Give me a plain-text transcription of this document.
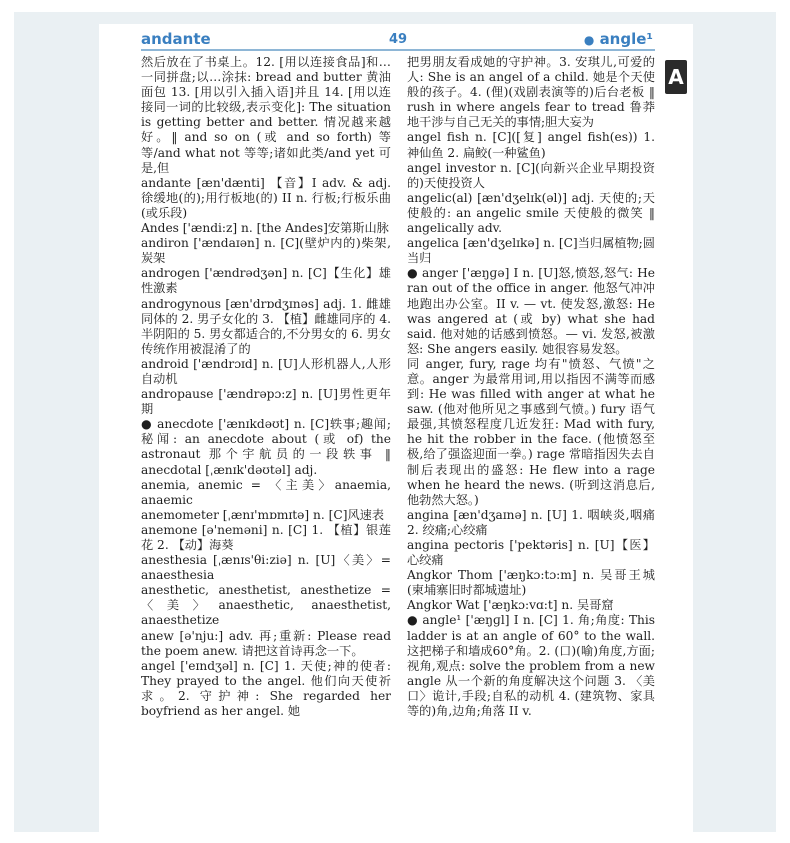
andante	49	● angle¹
A

然后放在了书桌上。12. [用以连接食品]和…一同拼盘;以…涂抹: bread and butter 黄油面包 13. [用以引入插入语]并且 14. [用以连接同一词的比较级,表示变化]: The situation is getting better and better. 情况越来越好。‖ and so on (或 and so forth) 等等/and what not 等等;诸如此类/and yet 可是,但

andante [æn'dænti] 【音】I adv. & adj. 徐缓地(的);用行板地(的) II n. 行板;行板乐曲(或乐段)

Andes ['ændi:z] n. [the Andes]安第斯山脉

andiron ['ændaɪən] n. [C](壁炉内的)柴架,炭架

androgen ['ændrədʒən] n. [C]【生化】雄性激素

androgynous [æn'drɒdʒɪnəs] adj. 1. 雌雄同体的 2. 男子女化的 3. 【植】雌雄同序的 4. 半阴阳的 5. 男女都适合的,不分男女的 6. 男女传统作用被混淆了的

android ['ændrɔɪd] n. [U]人形机器人,人形自动机

andropause ['ændrəpɔ:z] n. [U]男性更年期

● anecdote ['ænɪkdəʊt] n. [C]轶事;趣闻;秘闻: an anecdote about (或 of) the astronaut 那个宇航员的一段轶事 ‖ anecdotal [ˌænɪk'dəʊtəl] adj.

anemia, anemic = 〈主美〉anaemia, anaemic

anemometer [ˌænɪ'mɒmɪtə] n. [C]风速表

anemone [ə'neməni] n. [C] 1. 【植】银莲花 2. 【动】海葵

anesthesia [ˌænɪs'θi:ziə] n. [U]〈美〉= anaesthesia

anesthetic, anesthetist, anesthetize = 〈美〉anaesthetic, anaesthetist, anaesthetize

anew [ə'nju:] adv. 再;重新: Please read the poem anew. 请把这首诗再念一下。

angel ['eɪndʒəl] n. [C] 1. 天使;神的使者: They prayed to the angel. 他们向天使祈求。2. 守护神: She regarded her boyfriend as her angel. 她

把男朋友看成她的守护神。3. 安琪儿,可爱的人: She is an angel of a child. 她是个天使般的孩子。4. (俚)(戏剧表演等的)后台老板 ‖ rush in where angels fear to tread 鲁莽地干涉与自己无关的事情;胆大妄为

angel fish n. [C]([复] angel fish(es)) 1. 神仙鱼 2. 扁鲛(一种鲨鱼)

angel investor n. [C](向新兴企业早期投资的)天使投资人

angelic(al) [æn'dʒelɪk(əl)] adj. 天使的;天使般的: an angelic smile 天使般的微笑 ‖ angelically adv.

angelica [æn'dʒelɪkə] n. [C]当归属植物;圆当归

● anger ['æŋɡə] I n. [U]怒,愤怒,怒气: He ran out of the office in anger. 他怒气冲冲地跑出办公室。II v. — vt. 使发怒,激怒: He was angered at (或 by) what she had said. 他对她的话感到愤怒。— vi. 发怒,被激怒: She angers easily. 她很容易发怒。

同 anger, fury, rage 均有"愤怒、气愤"之意。anger 为最常用词,用以指因不满等而感到: He was filled with anger at what he saw. (他对他所见之事感到气愤。) fury 语气最强,其愤怒程度几近发狂: Mad with fury, he hit the robber in the face. (他愤怒至极,给了强盗迎面一拳。) rage 常暗指因失去自制后表现出的盛怒: He flew into a rage when he heard the news. (听到这消息后,他勃然大怒。)

angina [æn'dʒaɪnə] n. [U] 1. 咽峡炎,咽痛 2. 绞痛;心绞痛

angina pectoris ['pektəris] n. [U]【医】心绞痛

Angkor Thom ['æŋkɔ:tɔ:m] n. 吴哥王城(柬埔寨旧时都城遗址)

Angkor Wat ['æŋkɔ:vɑ:t] n. 吴哥窟

● angle¹ ['æŋɡl] I n. [C] 1. 角;角度: This ladder is at an angle of 60° to the wall. 这把梯子和墙成60°角。2. (口)(喻)角度,方面;视角,观点: solve the problem from a new angle 从一个新的角度解决这个问题 3. 〈美口〉诡计,手段;自私的动机 4. (建筑物、家具等的)角,边角;角落 II v.
